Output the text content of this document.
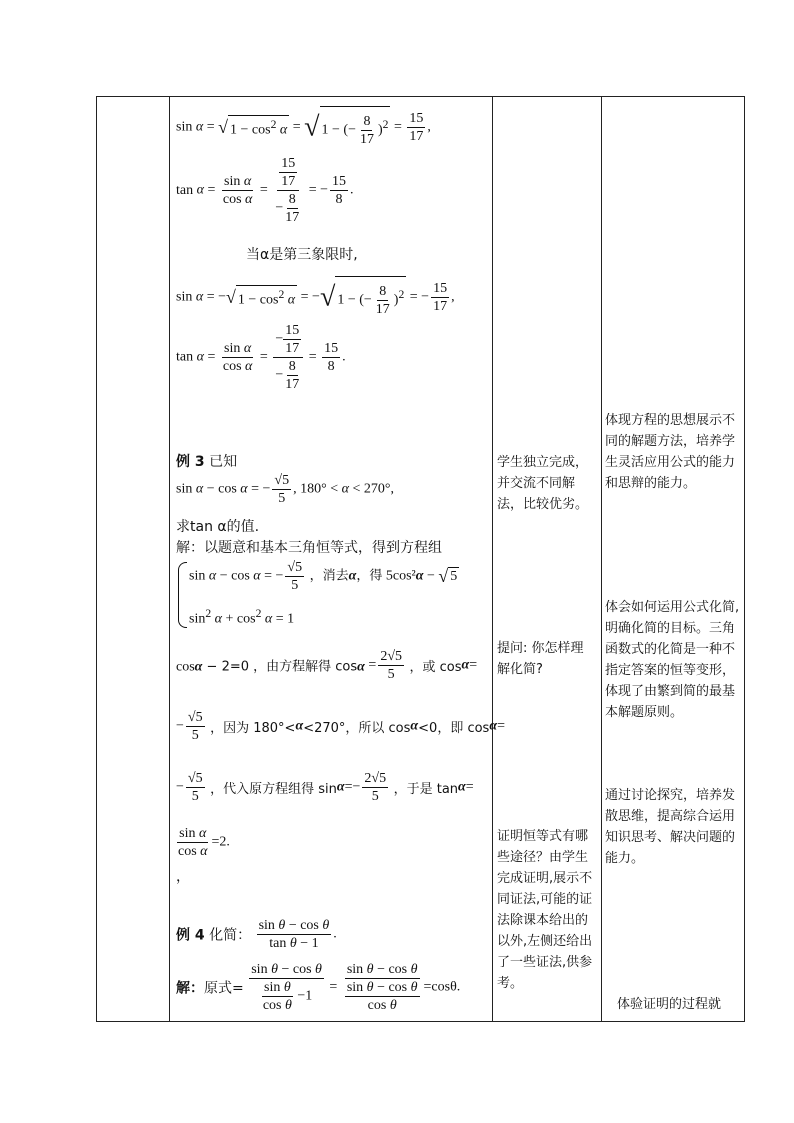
sin α = √ $1 - \cos^2 \alpha$ = √ 1 − (− $\frac{8}{17} )^2 = \frac{15}{17}$ ,
$\tan \alpha = \frac{\text{sin α}}{\text{cos α}} = \frac{\frac{15}{17}}{- \frac{8}{17}}$ = − $\frac{15}{8}$ .
当α是第三象限时,
sin α = −√ $1 - \cos^2 \alpha$ = −√ 1 − (− $\frac{8}{17} )^2$ = − $\frac{15}{17}$ ,
$\tan \alpha = \frac{\text{sin α}}{\text{cos α}} = \frac{- \frac{15}{17}}{- \frac{8}{17}} = \frac{15}{8}$ .
例 3 已知
sin α − cos α = − $\frac{√5}{5}$ , 180° < α < 270°,
求tan α的值.
解：以题意和基本三角恒等式，得到方程组
sin α − cos α = − $\frac{√5}{5}$ ，消去α，得 5cos²α − √ 5
$\sin^2 \alpha + \cos^2 \alpha = 1$
cosα − 2=0 ，由方程解得 $\cos\alpha = \frac{2√5}{5}$ ，或 cosα=
− $\frac{√5}{5}$ ，因为 180°<α<270°，所以 cosα<0，即 cosα=
− $\frac{√5}{5}$ ，代入原方程组得 $\sin\alpha=- \frac{2√5}{5}$ ，于是 tanα=
$\frac{\text{sin α}}{\text{cos α}} =2$.
，
例 4 化简： $\frac{\text{sin θ − cos θ}}{\text{tan θ − 1}}$ .
解：原式= $\frac{\text{sin θ − cos θ}}{\frac{\text{sin θ}}{\text{cos θ}} -1} = \frac{\text{sin θ − cos θ}}{\frac{\text{sin θ − cos θ}}{\text{cos θ}}} =\cos\theta$.
学生独立完成，并交流不同解法，比较优劣。
提问: 你怎样理解化简?
证明恒等式有哪些途径？由学生完成证明,展示不同证法,可能的证法除课本给出的以外,左侧还给出了一些证法,供参考。
体现方程的思想展示不同的解题方法，培养学生灵活应用公式的能力和思辩的能力。
体会如何运用公式化简,明确化简的目标。三角函数式的化简是一种不指定答案的恒等变形，体现了由繁到简的最基本解题原则。
通过讨论探究，培养发散思维，提高综合运用知识思考、解决问题的能力。
体验证明的过程就
